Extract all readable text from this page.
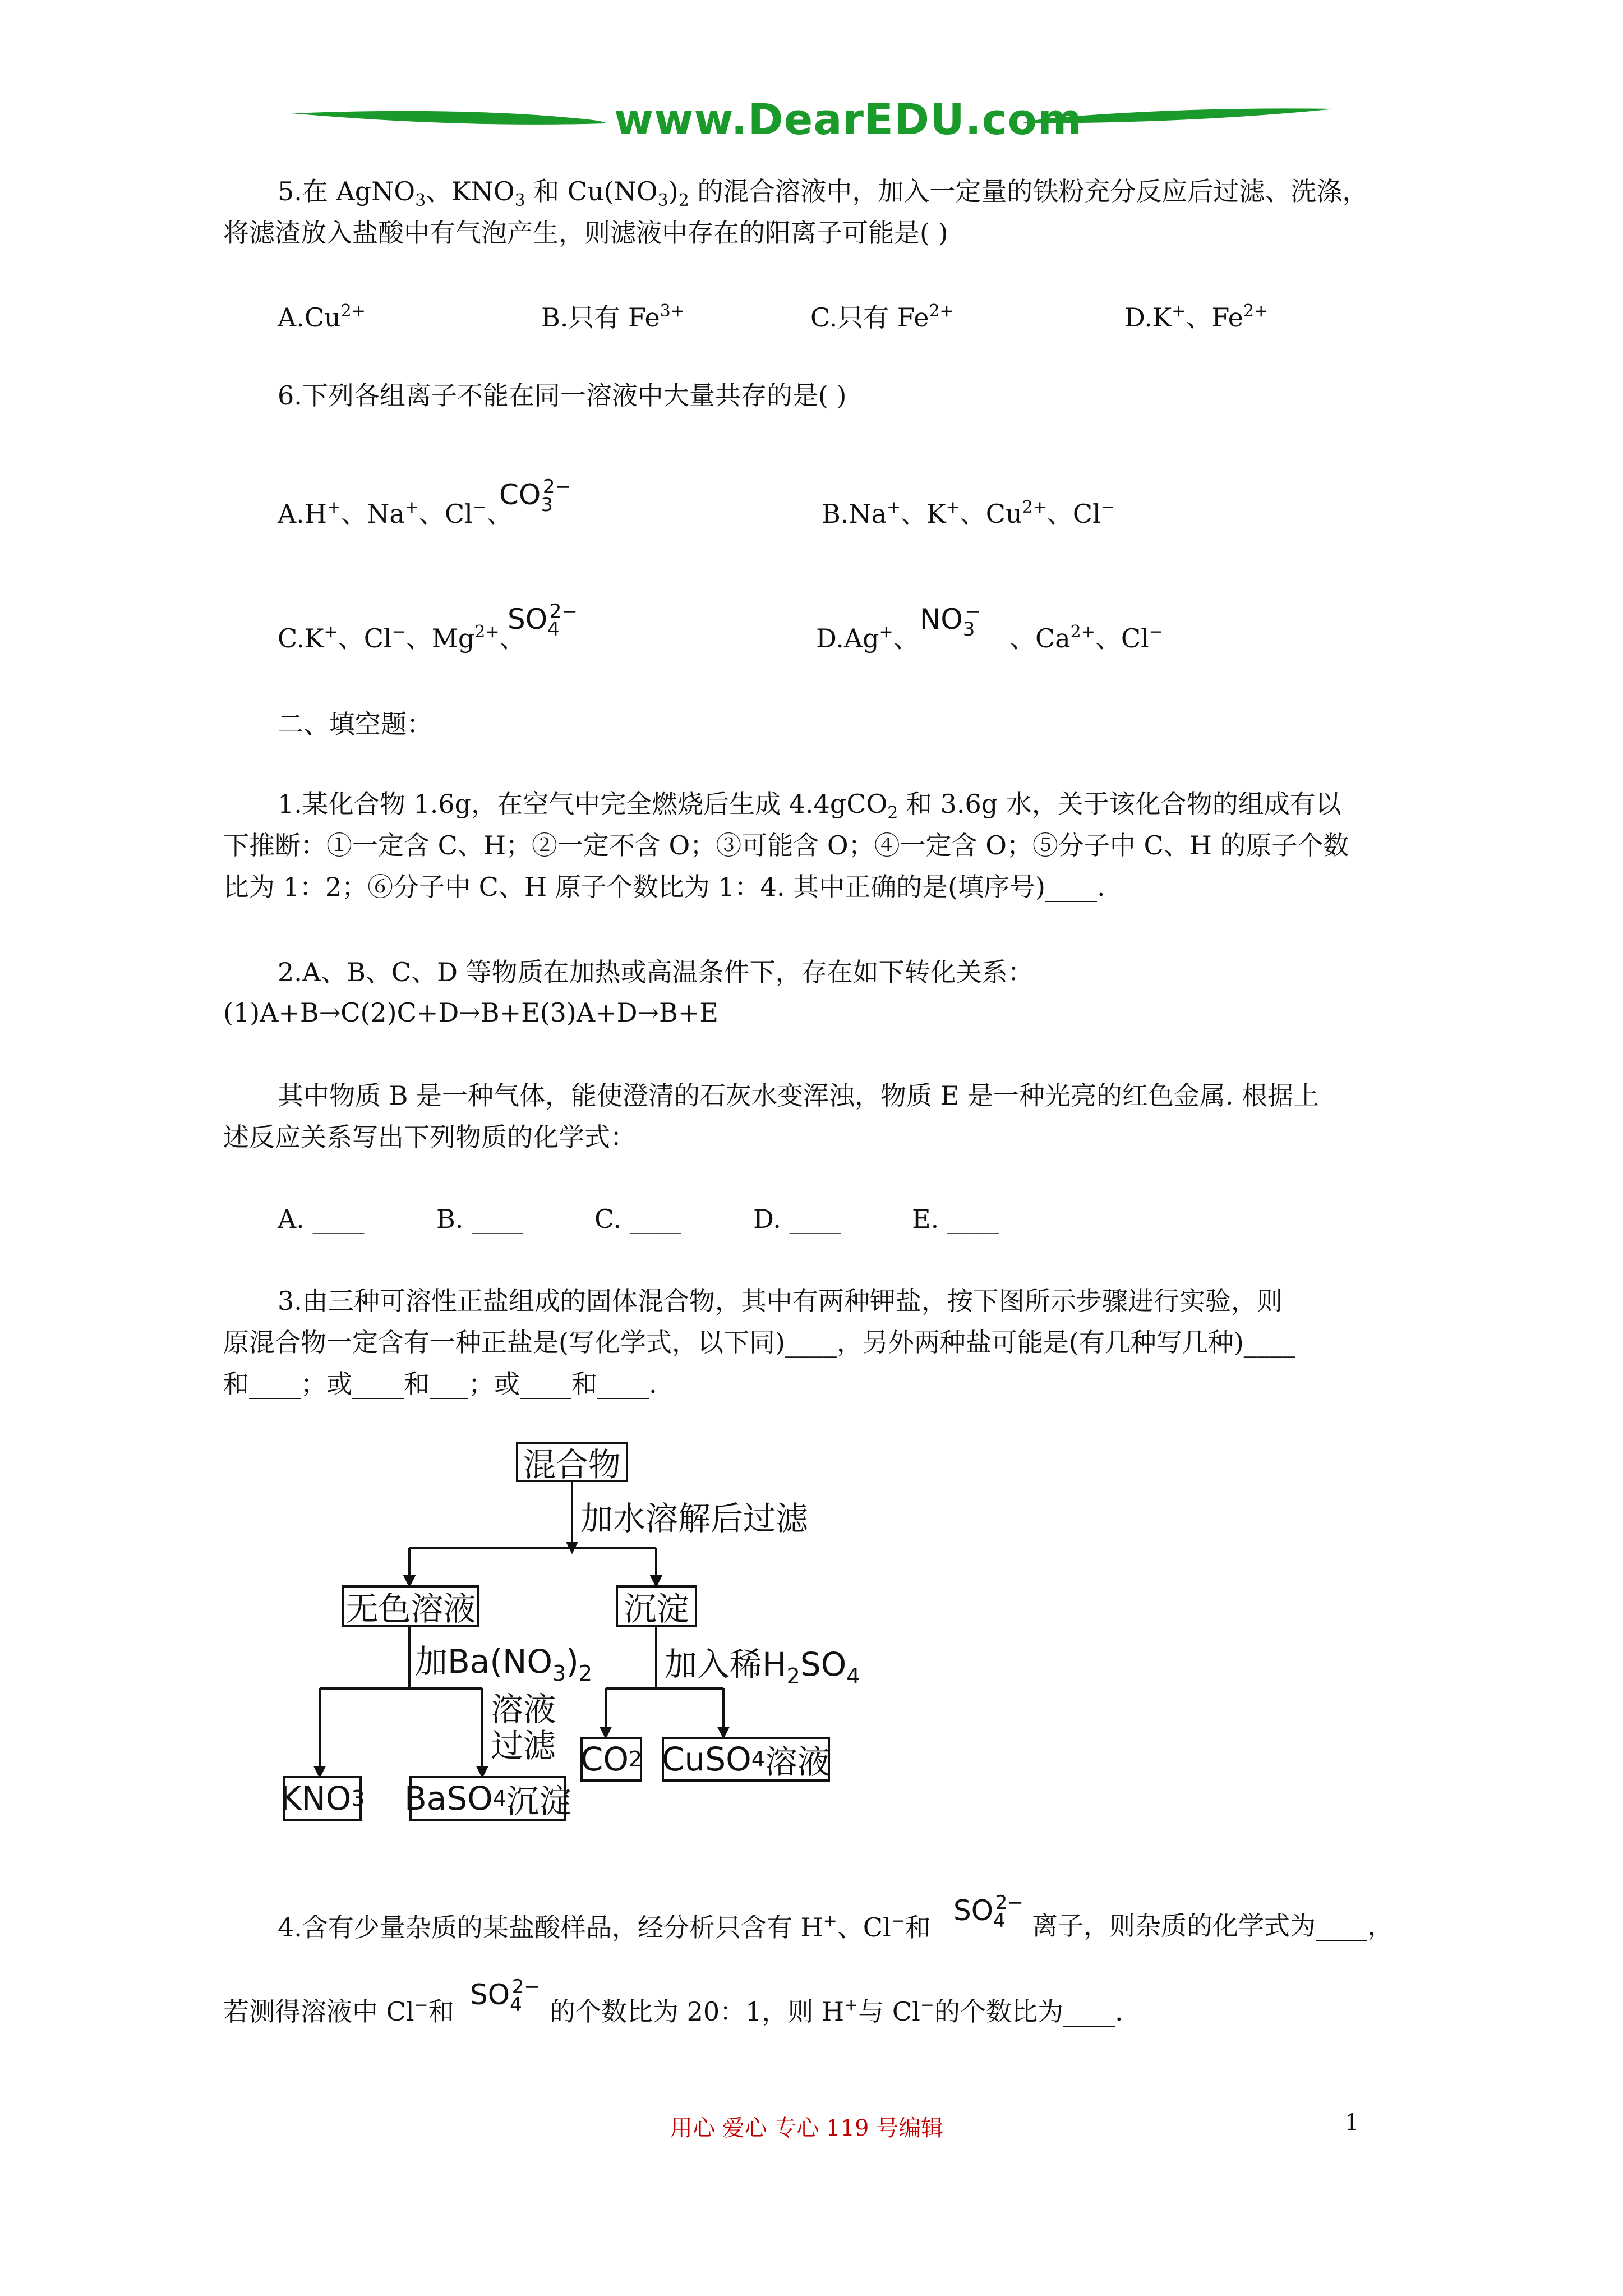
www.DearEDU.com
5.在 AgNO$_3$、$KNO_3$ 和 $Cu(NO_3)_2$ 的混合溶液中，加入一定量的铁粉充分反应后过滤、洗涤，
将滤渣放入盐酸中有气泡产生，则滤液中存在的阳离子可能是( )
$A.Cu^{2+}$	B.只有 $Fe^{3+}$	C.只有 $Fe^{2+}$	D.K+、$Fe^{2+}$
6.下列各组离子不能在同一溶液中大量共存的是( )
A.H+、Na+、Cl−、
$CO_3^{2-}$
B.Na+、K+、$Cu^{2+}$、Cl−
C.K+、Cl−、$Mg^{2+}$、
$SO_4^{2-}$
D.Ag+、
$NO_3^-$
、$Ca^{2+}$、Cl−
二、填空题：
1.某化合物 1.6g，在空气中完全燃烧后生成 4.4gCO$_2$ 和 3.6g 水，关于该化合物的组成有以
下推断：①一定含 C、H；②一定不含 O；③可能含 O；④一定含 O；⑤分子中 C、H 的原子个数
比为 1：2；⑥分子中 C、H 原子个数比为 1：4. 其中正确的是(填序号)____.
2.A、B、C、D 等物质在加热或高温条件下，存在如下转化关系：
(1)A+B→C(2)C+D→B+E(3)A+D→B+E
其中物质 B 是一种气体，能使澄清的石灰水变浑浊，物质 E 是一种光亮的红色金属. 根据上
述反应关系写出下列物质的化学式：
A. ____	B. ____	C. ____	D. ____	E. ____
3.由三种可溶性正盐组成的固体混合物，其中有两种钾盐，按下图所示步骤进行实验，则
原混合物一定含有一种正盐是(写化学式，以下同)____，另外两种盐可能是(有几种写几种)____
和____；或____和___；或____和____.
混合物
加水溶解后过滤
无色溶液	沉淀
加$Ba(NO_3)_2$
溶液
过滤
加入稀$H_2SO_4$
KNO 3 BaSO 4 沉淀
CO 2 CuSO 4 溶液
4.含有少量杂质的某盐酸样品，经分析只含有 H+、Cl−和
$SO_4^{2-}$
离子，则杂质的化学式为____，
若测得溶液中 Cl−和
$SO_4^{2-}$
的个数比为 20：1，则 H+与 Cl−的个数比为____.
用心 爱心 专心 119 号编辑	1
